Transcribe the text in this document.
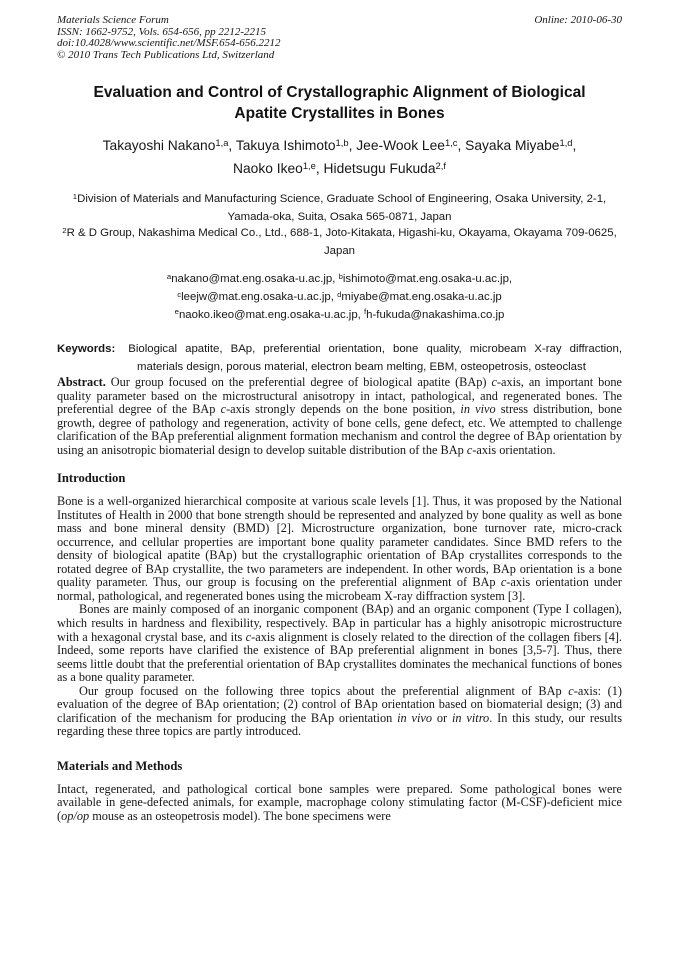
Materials Science Forum
ISSN: 1662-9752, Vols. 654-656, pp 2212-2215
doi:10.4028/www.scientific.net/MSF.654-656.2212
© 2010 Trans Tech Publications Ltd, Switzerland
Online: 2010-06-30
Evaluation and Control of Crystallographic Alignment of Biological
Apatite Crystallites in Bones
Takayoshi Nakano$^{1,a}$, Takuya Ishimoto$^{1,b}$, Jee-Wook Lee$^{1,c}$, Sayaka Miyabe$^{1,d}$,
Naoko Ikeo$^{1,e}$, Hidetsugu Fukuda$^{2,f}$

$^1$Division of Materials and Manufacturing Science, Graduate School of Engineering, Osaka University, 2-1, Yamada-oka, Suita, Osaka 565-0871, Japan

$^2$R & D Group, Nakashima Medical Co., Ltd., 688-1, Joto-Kitakata, Higashi-ku, Okayama, Okayama 709-0625, Japan

$^a$nakano@mat.eng.osaka-u.ac.jp, $^b$ishimoto@mat.eng.osaka-u.ac.jp,
$^c$leejw@mat.eng.osaka-u.ac.jp, $^d$miyabe@mat.eng.osaka-u.ac.jp
$^e$naoko.ikeo@mat.eng.osaka-u.ac.jp, $^f$h-fukuda@nakashima.co.jp
Keywords: Biological apatite, BAp, preferential orientation, bone quality, microbeam X-ray diffraction, materials design, porous material, electron beam melting, EBM, osteopetrosis, osteoclast
Abstract. Our group focused on the preferential degree of biological apatite (BAp) c-axis, an important bone quality parameter based on the microstructural anisotropy in intact, pathological, and regenerated bones. The preferential degree of the BAp c-axis strongly depends on the bone position, in vivo stress distribution, bone growth, degree of pathology and regeneration, activity of bone cells, gene defect, etc. We attempted to challenge clarification of the BAp preferential alignment formation mechanism and control the degree of BAp orientation by using an anisotropic biomaterial design to develop suitable distribution of the BAp c-axis orientation.
Introduction

Bone is a well-organized hierarchical composite at various scale levels [1]. Thus, it was proposed by the National Institutes of Health in 2000 that bone strength should be represented and analyzed by bone quality as well as bone mass and bone mineral density (BMD) [2]. Microstructure organization, bone turnover rate, micro-crack occurrence, and cellular properties are important bone quality parameter candidates. Since BMD refers to the density of biological apatite (BAp) but the crystallographic orientation of BAp crystallites corresponds to the rotated degree of BAp crystallite, the two parameters are independent. In other words, BAp orientation is a bone quality parameter. Thus, our group is focusing on the preferential alignment of BAp c-axis orientation under normal, pathological, and regenerated bones using the microbeam X-ray diffraction system [3].

Bones are mainly composed of an inorganic component (BAp) and an organic component (Type I collagen), which results in hardness and flexibility, respectively. BAp in particular has a highly anisotropic microstructure with a hexagonal crystal base, and its c-axis alignment is closely related to the direction of the collagen fibers [4]. Indeed, some reports have clarified the existence of BAp preferential alignment in bones [3,5-7]. Thus, there seems little doubt that the preferential orientation of BAp crystallites dominates the mechanical functions of bones as a bone quality parameter.

Our group focused on the following three topics about the preferential alignment of BAp c-axis: (1) evaluation of the degree of BAp orientation; (2) control of BAp orientation based on biomaterial design; (3) and clarification of the mechanism for producing the BAp orientation in vivo or in vitro. In this study, our results regarding these three topics are partly introduced.

Materials and Methods

Intact, regenerated, and pathological cortical bone samples were prepared. Some pathological bones were available in gene-defected animals, for example, macrophage colony stimulating factor (M-CSF)-deficient mice (op/op mouse as an osteopetrosis model). The bone specimens were
